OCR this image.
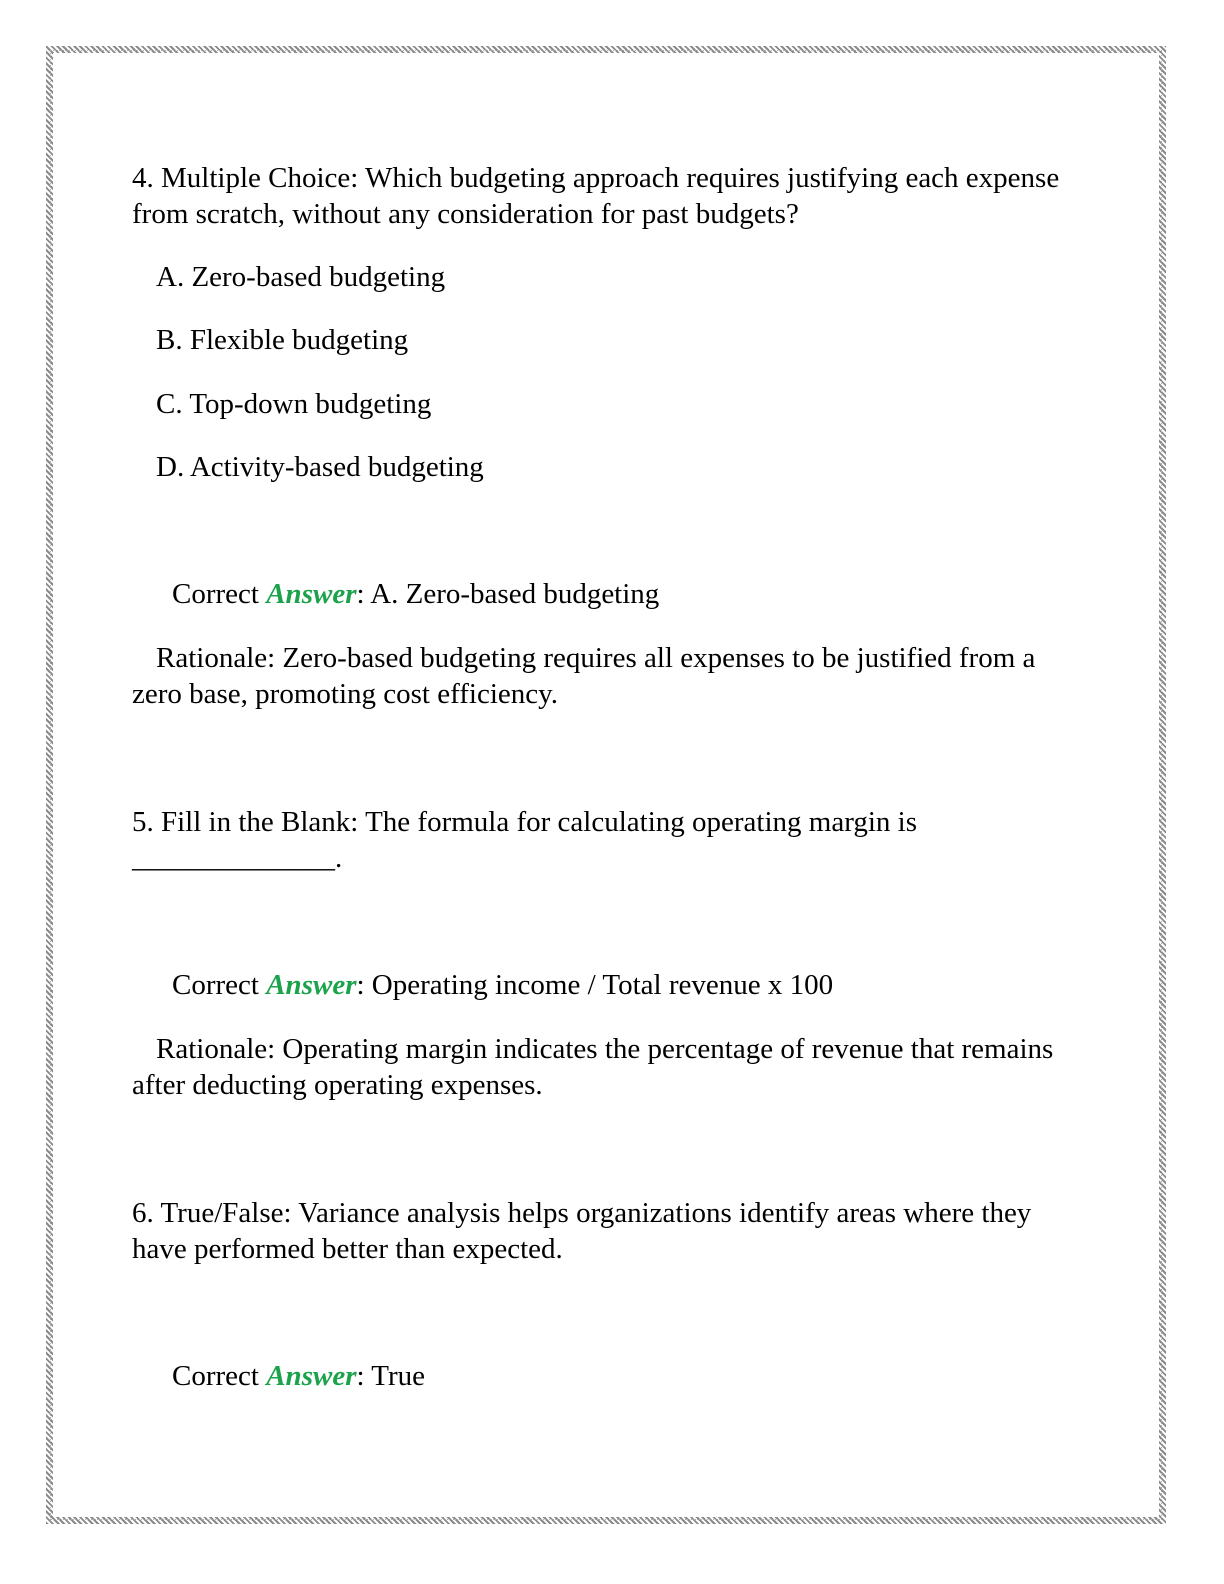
4. Multiple Choice: Which budgeting approach requires justifying each expense from scratch, without any consideration for past budgets?

A. Zero-based budgeting

B. Flexible budgeting

C. Top-down budgeting

D. Activity-based budgeting

Correct Answer: A. Zero-based budgeting

Rationale: Zero-based budgeting requires all expenses to be justified from a zero base, promoting cost efficiency.

5. Fill in the Blank: The formula for calculating operating margin is
______________.

Correct Answer: Operating income / Total revenue x 100

Rationale: Operating margin indicates the percentage of revenue that remains after deducting operating expenses.

6. True/False: Variance analysis helps organizations identify areas where they have performed better than expected.

Correct Answer: True
